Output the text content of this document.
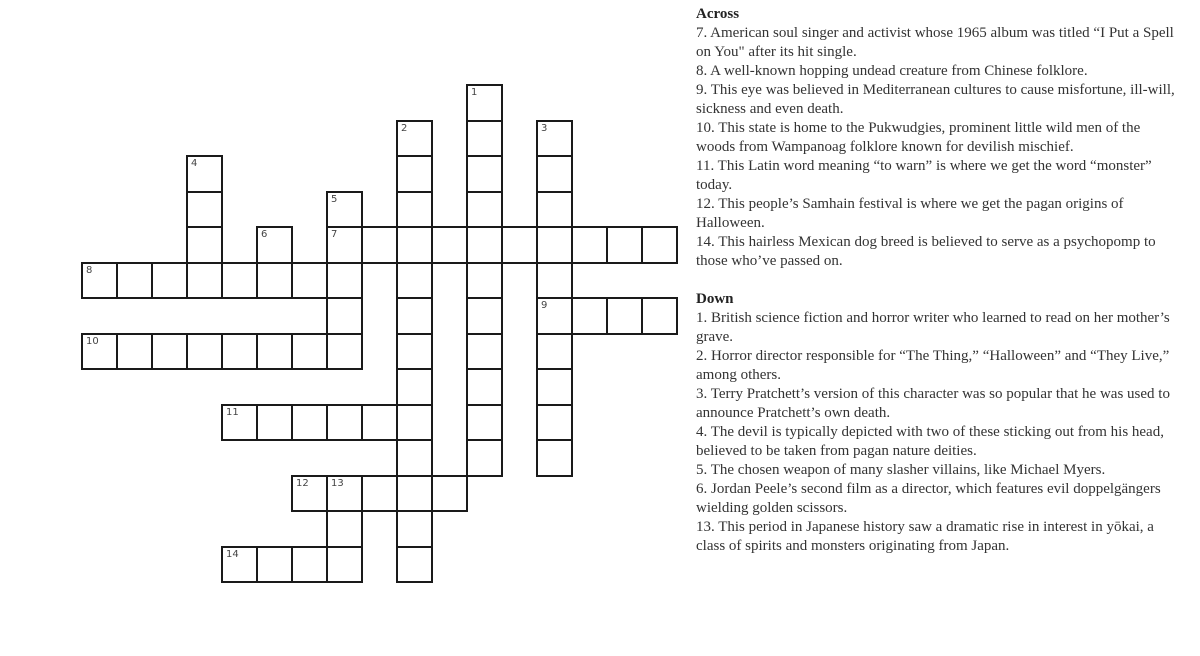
7
8
9
10
11
12 13
14
1
2	3
4
5
6
Across

7. American soul singer and activist whose 1965 album was titled “I Put a Spell on You" after its hit single.

8. A well-known hopping undead creature from Chinese folklore.

9. This eye was believed in Mediterranean cultures to cause misfortune, ill-will, sickness and even death.

10. This state is home to the Pukwudgies, prominent little wild men of the woods from Wampanoag folklore known for devilish mischief.

11. This Latin word meaning “to warn” is where we get the word “monster” today.

12. This people’s Samhain festival is where we get the pagan origins of Halloween.

14. This hairless Mexican dog breed is believed to serve as a psychopomp to those who’ve passed on.

Down

1. British science fiction and horror writer who learned to read on her mother’s grave.

2. Horror director responsible for “The Thing,” “Halloween” and “They Live,” among others.

3. Terry Pratchett’s version of this character was so popular that he was used to announce Pratchett’s own death.

4. The devil is typically depicted with two of these sticking out from his head, believed to be taken from pagan nature deities.

5. The chosen weapon of many slasher villains, like Michael Myers.

6. Jordan Peele’s second film as a director, which features evil doppelgängers wielding golden scissors.

13. This period in Japanese history saw a dramatic rise in interest in yōkai, a class of spirits and monsters originating from Japan.
